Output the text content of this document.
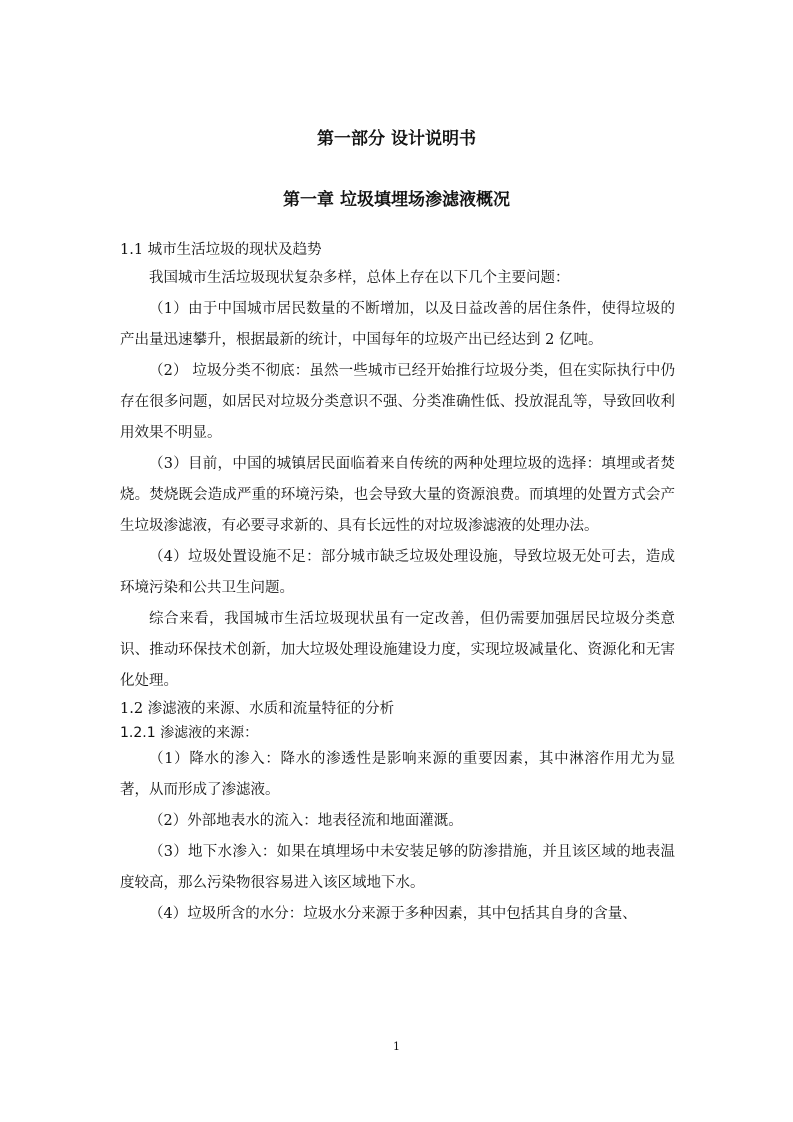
第一部分 设计说明书
第一章 垃圾填埋场渗滤液概况

1.1 城市生活垃圾的现状及趋势

我国城市生活垃圾现状复杂多样，总体上存在以下几个主要问题：

（1）由于中国城市居民数量的不断增加，以及日益改善的居住条件，使得垃圾的产出量迅速攀升，根据最新的统计，中国每年的垃圾产出已经达到 2 亿吨。

（2） 垃圾分类不彻底：虽然一些城市已经开始推行垃圾分类，但在实际执行中仍存在很多问题，如居民对垃圾分类意识不强、分类准确性低、投放混乱等，导致回收利用效果不明显。

（3）目前，中国的城镇居民面临着来自传统的两种处理垃圾的选择：填埋或者焚烧。焚烧既会造成严重的环境污染，也会导致大量的资源浪费。而填埋的处置方式会产生垃圾渗滤液，有必要寻求新的、具有长远性的对垃圾渗滤液的处理办法。

（4）垃圾处置设施不足：部分城市缺乏垃圾处理设施，导致垃圾无处可去，造成环境污染和公共卫生问题。

综合来看，我国城市生活垃圾现状虽有一定改善，但仍需要加强居民垃圾分类意识、推动环保技术创新，加大垃圾处理设施建设力度，实现垃圾减量化、资源化和无害化处理。

1.2 渗滤液的来源、水质和流量特征的分析

1.2.1 渗滤液的来源：

（1）降水的渗入：降水的渗透性是影响来源的重要因素，其中淋溶作用尤为显著，从而形成了渗滤液。

（2）外部地表水的流入：地表径流和地面灌溉。

（3）地下水渗入：如果在填埋场中未安装足够的防渗措施，并且该区域的地表温度较高，那么污染物很容易进入该区域地下水。

（4）垃圾所含的水分：垃圾水分来源于多种因素，其中包括其自身的含量、

1
